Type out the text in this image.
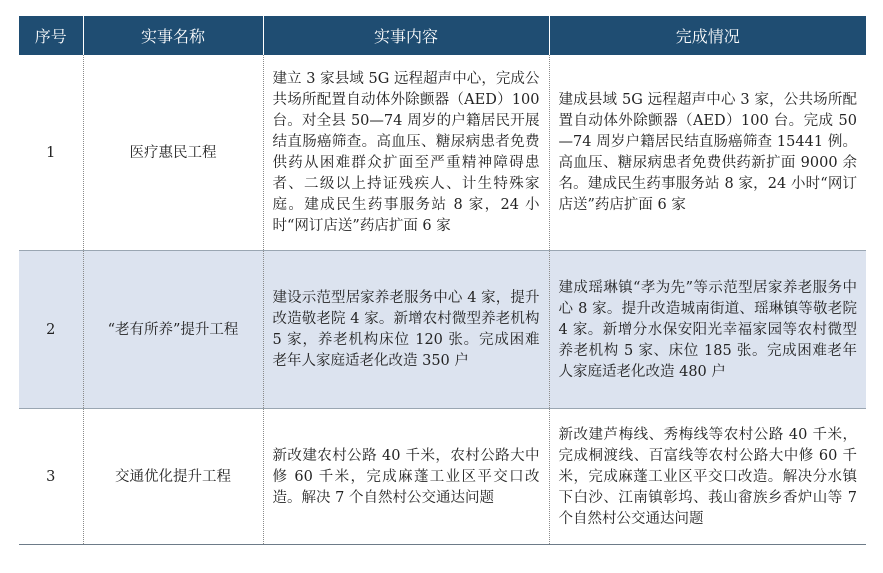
序号	实事名称	实事内容	完成情况
1	医疗惠民工程	建立 3 家县域 5G 远程超声中心，完成公共场所配置自动体外除颤器（AED）100 台。对全县 50—74 周岁的户籍居民开展结直肠癌筛查。高血压、糖尿病患者免费供药从困难群众扩面至严重精神障碍患者、二级以上持证残疾人、计生特殊家庭。建成民生药事服务站 8 家，24 小时“网订店送”药店扩面 6 家	建成县域 5G 远程超声中心 3 家，公共场所配置自动体外除颤器（AED）100 台。完成 50—74 周岁户籍居民结直肠癌筛查 15441 例。高血压、糖尿病患者免费供药新扩面 9000 余名。建成民生药事服务站 8 家，24 小时“网订店送”药店扩面 6 家
2	“老有所养”提升工程	建设示范型居家养老服务中心 4 家，提升改造敬老院 4 家。新增农村微型养老机构 5 家，养老机构床位 120 张。完成困难老年人家庭适老化改造 350 户	建成瑶琳镇“孝为先”等示范型居家养老服务中心 8 家。提升改造城南街道、瑶琳镇等敬老院 4 家。新增分水保安阳光幸福家园等农村微型养老机构 5 家、床位 185 张。完成困难老年人家庭适老化改造 480 户
3	交通优化提升工程	新改建农村公路 40 千米，农村公路大中修 60 千米，完成麻蓬工业区平交口改造。解决 7 个自然村公交通达问题	新改建芦梅线、秀梅线等农村公路 40 千米，完成桐渡线、百富线等农村公路大中修 60 千米，完成麻蓬工业区平交口改造。解决分水镇下白沙、江南镇彰坞、莪山畲族乡香炉山等 7 个自然村公交通达问题
